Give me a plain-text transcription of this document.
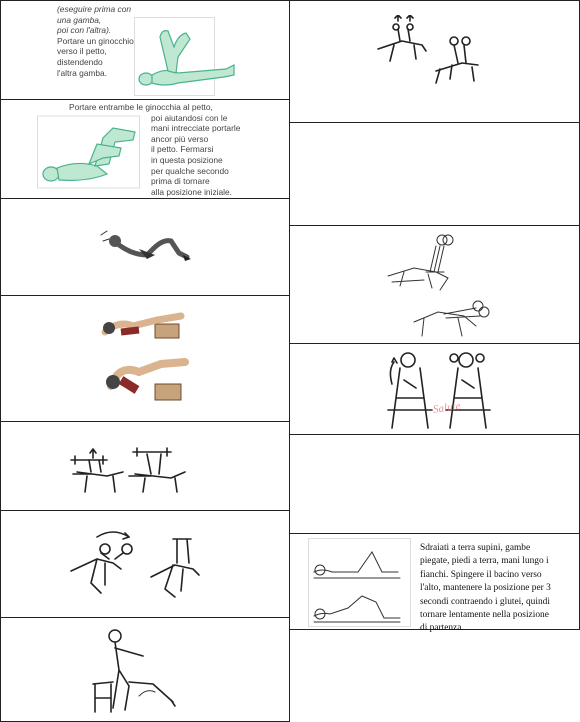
(eseguire prima con
una gamba,
poi con l'altra).
Portare un ginocchio
verso il petto,
distendendo
l'altra gamba.
Portare entrambe le ginocchia al petto,
poi aiutandosi con le
mani intrecciate portarle
ancor più verso
il petto. Fermarsi
in questa posizione
per qualche secondo
prima di tornare
alla posizione iniziale.
Salute
Sdraiati a terra supini, gambe
piegate, piedi a terra, mani lungo i
fianchi. Spingere il bacino verso
l'alto, mantenere la posizione per 3
secondi contraendo i glutei, quindi
tornare lentamente nella posizione
di partenza.
